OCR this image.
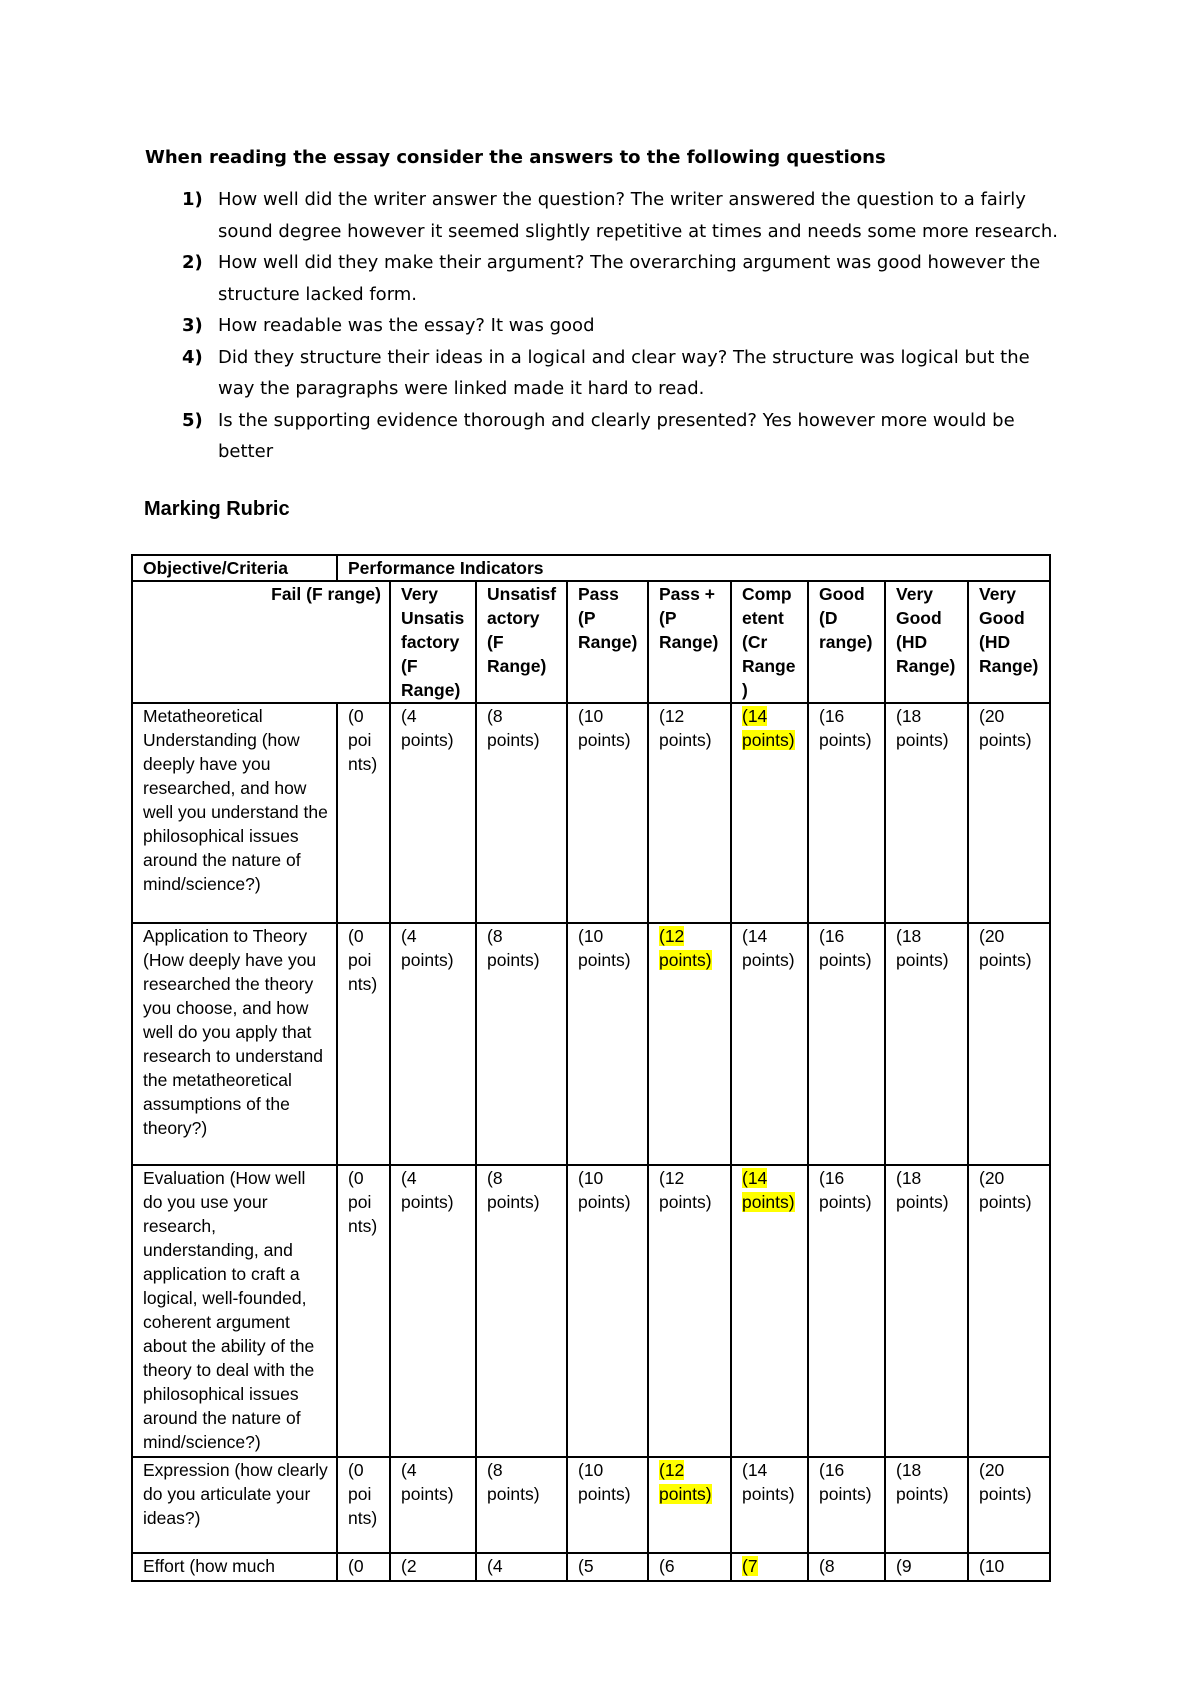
When reading the essay consider the answers to the following questions

1) How well did the writer answer the question? The writer answered the question to a fairly sound degree however it seemed slightly repetitive at times and needs some more research.
2) How well did they make their argument? The overarching argument was good however the structure lacked form.
3) How readable was the essay? It was good
4) Did they structure their ideas in a logical and clear way? The structure was logical but the way the paragraphs were linked made it hard to read.
5) Is the supporting evidence thorough and clearly presented? Yes however more would be better
Marking Rubric
Objective/Criteria	Performance Indicators								
Fail (F range)		Very Unsatisfactory (F Range)	Unsatisfactory (F Range)	Pass (P Range)	Pass + (P Range)	Competent (Cr Range)	Good (D range)	Very Good (HD Range)	Very Good (HD Range)
Metatheoretical Understanding (how deeply have you researched, and how well you understand the philosophical issues around the nature of mind/science?)	(0 points)	(4 points)	(8 points)	(10 points)	(12 points)	(14 points)	(16 points)	(18 points)	(20 points)
Application to Theory (How deeply have you researched the theory you choose, and how well do you apply that research to understand the metatheoretical assumptions of the theory?)	(0 points)	(4 points)	(8 points)	(10 points)	(12 points)	(14 points)	(16 points)	(18 points)	(20 points)
Evaluation (How well do you use your research, understanding, and application to craft a logical, well-founded, coherent argument about the ability of the theory to deal with the philosophical issues around the nature of mind/science?)	(0 points)	(4 points)	(8 points)	(10 points)	(12 points)	(14 points)	(16 points)	(18 points)	(20 points)
Expression (how clearly do you articulate your ideas?)	(0 points)	(4 points)	(8 points)	(10 points)	(12 points)	(14 points)	(16 points)	(18 points)	(20 points)
Effort (how much	(0	(2	(4	(5	(6	(7	(8	(9	(10
